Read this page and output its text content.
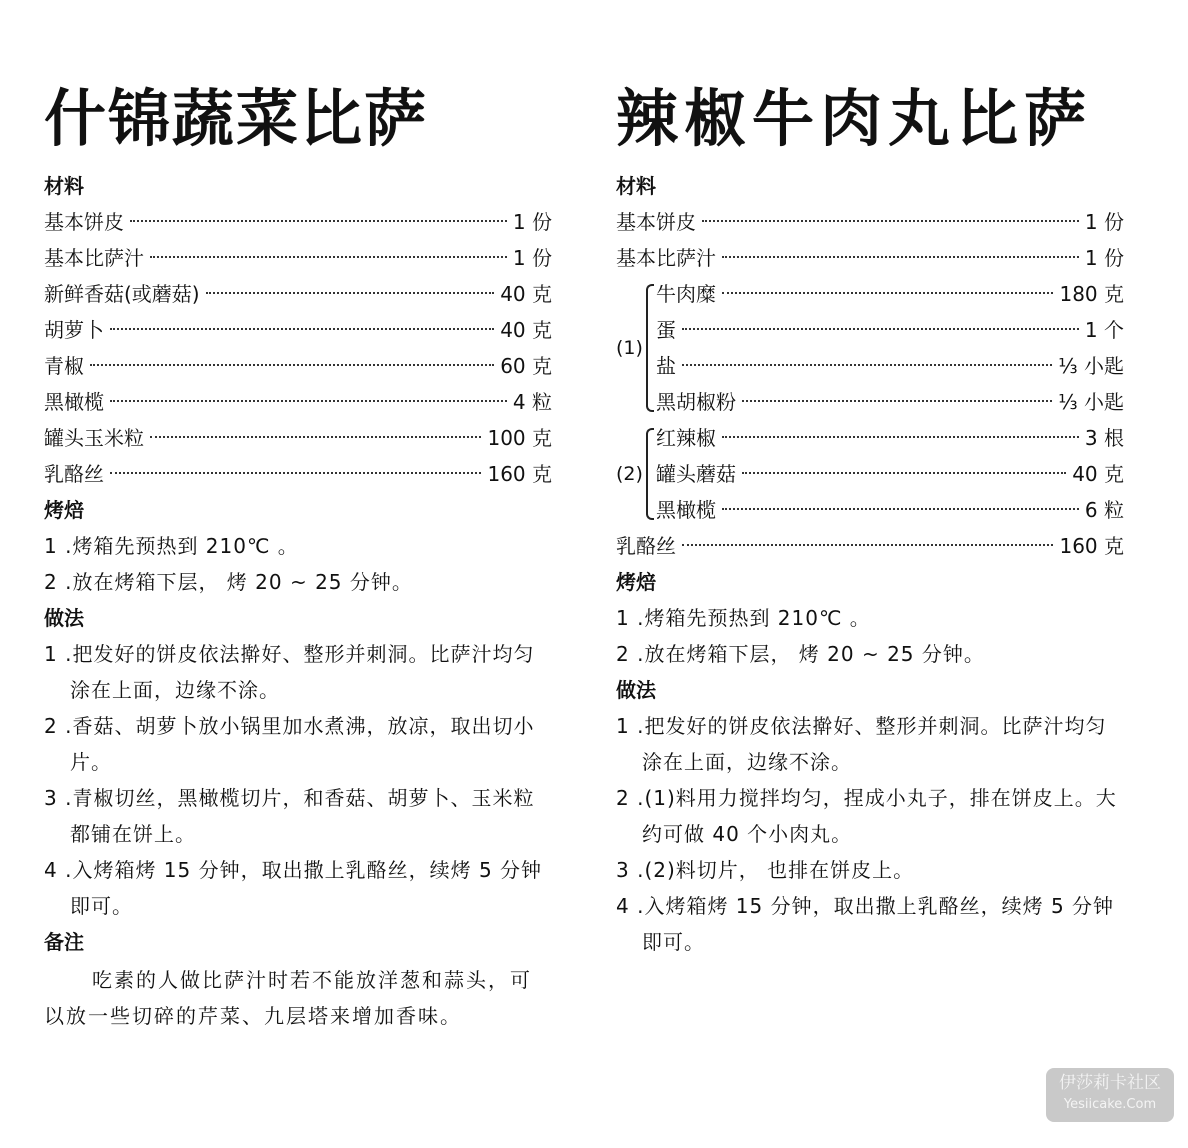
什锦蔬菜比萨
材料
基本饼皮	1 份
基本比萨汁	1 份
新鲜香菇(或蘑菇)	40 克
胡萝卜	40 克
青椒	60 克
黑橄榄	4 粒
罐头玉米粒	100 克
乳酪丝	160 克
烤焙
1 .烤箱先预热到 210℃ 。
2 .放在烤箱下层， 烤 20 ~ 25 分钟。
做法
1 .把发好的饼皮依法擀好、整形并刺洞。比萨汁均匀涂在上面，边缘不涂。
2 .香菇、胡萝卜放小锅里加水煮沸，放凉，取出切小片。
3 .青椒切丝，黑橄榄切片，和香菇、胡萝卜、玉米粒都铺在饼上。
4 .入烤箱烤 15 分钟，取出撒上乳酪丝，续烤 5 分钟即可。
备注
吃素的人做比萨汁时若不能放洋葱和蒜头，可以放一些切碎的芹菜、九层塔来增加香味。
辣椒牛肉丸比萨
材料
基本饼皮	1 份
基本比萨汁	1 份
(1)
牛肉糜	180 克
蛋	1 个
盐	⅓ 小匙
黑胡椒粉	⅓ 小匙
(2)
红辣椒	3 根
罐头蘑菇	40 克
黑橄榄	6 粒
乳酪丝	160 克
烤焙
1 .烤箱先预热到 210℃ 。
2 .放在烤箱下层， 烤 20 ~ 25 分钟。
做法
1 .把发好的饼皮依法擀好、整形并刺洞。比萨汁均匀涂在上面，边缘不涂。
2 .(1)料用力搅拌均匀，捏成小丸子，排在饼皮上。大约可做 40 个小肉丸。
3 .(2)料切片， 也排在饼皮上。
4 .入烤箱烤 15 分钟，取出撒上乳酪丝，续烤 5 分钟即可。
伊莎莉卡社区
Yesiicake.Com
